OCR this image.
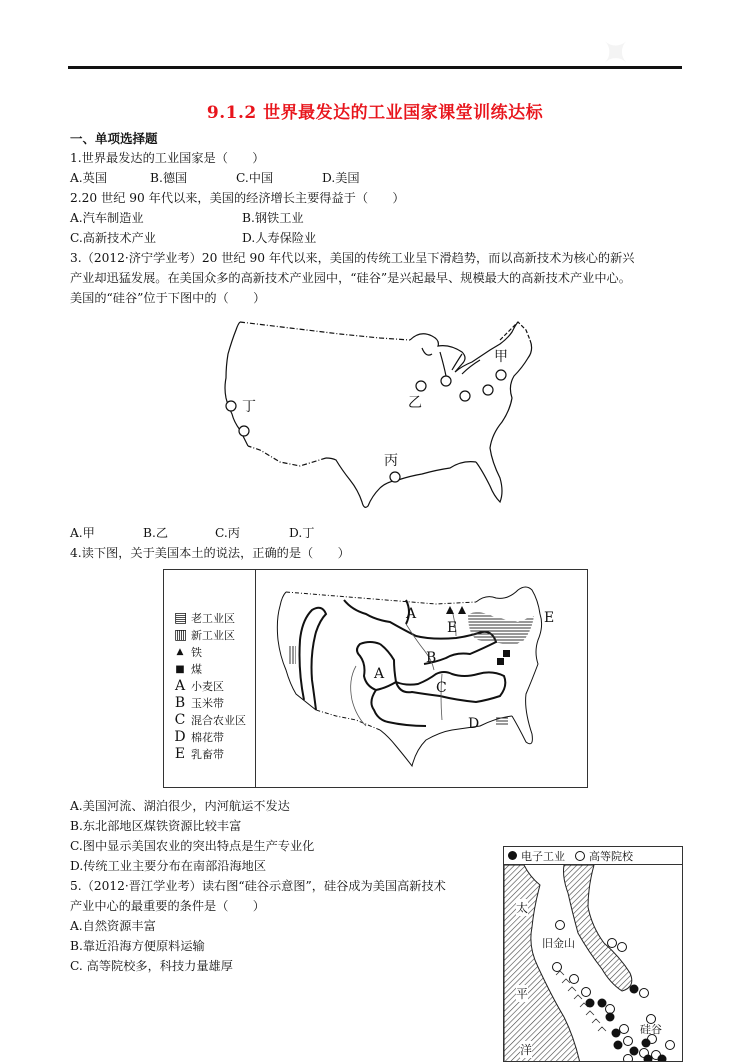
✦
9.1.2 世界最发达的工业国家课堂训练达标
一、单项选择题
1.世界最发达的工业国家是（　　）
A.英国	B.德国	C.中国	D.美国
2.20 世纪 90 年代以来，美国的经济增长主要得益于（　　）
A.汽车制造业	B.钢铁工业
C.高新技术产业	D.人寿保险业
3.（2012·济宁学业考）20 世纪 90 年代以来，美国的传统工业呈下滑趋势，而以高新技术为核心的新兴
产业却迅猛发展。在美国众多的高新技术产业园中，“硅谷”是兴起最早、规模最大的高新技术产业中心。
美国的“硅谷”位于下图中的（　　）
甲
乙
丙
丁
A.甲	B.乙	C.丙	D.丁
4.读下图，关于美国本土的说法，正确的是（　　）
▤ 老工业区
▥ 新工业区
▲ 铁
■ 煤
A 小麦区
B 玉米带
C 混合农业区
D 棉花带
E 乳畜带
A
A
B
C
D
E
E
A.美国河流、湖泊很少，内河航运不发达
B.东北部地区煤铁资源比较丰富
C.图中显示美国农业的突出特点是生产专业化
D.传统工业主要分布在南部沿海地区
5.（2012·晋江学业考）读右图“硅谷示意图”，硅谷成为美国高新技术
产业中心的最重要的条件是（　　）
A.自然资源丰富
B.靠近沿海方便原料运输
C. 高等院校多，科技力量雄厚
电子工业 高等院校
太
平
洋
旧金山
硅谷
